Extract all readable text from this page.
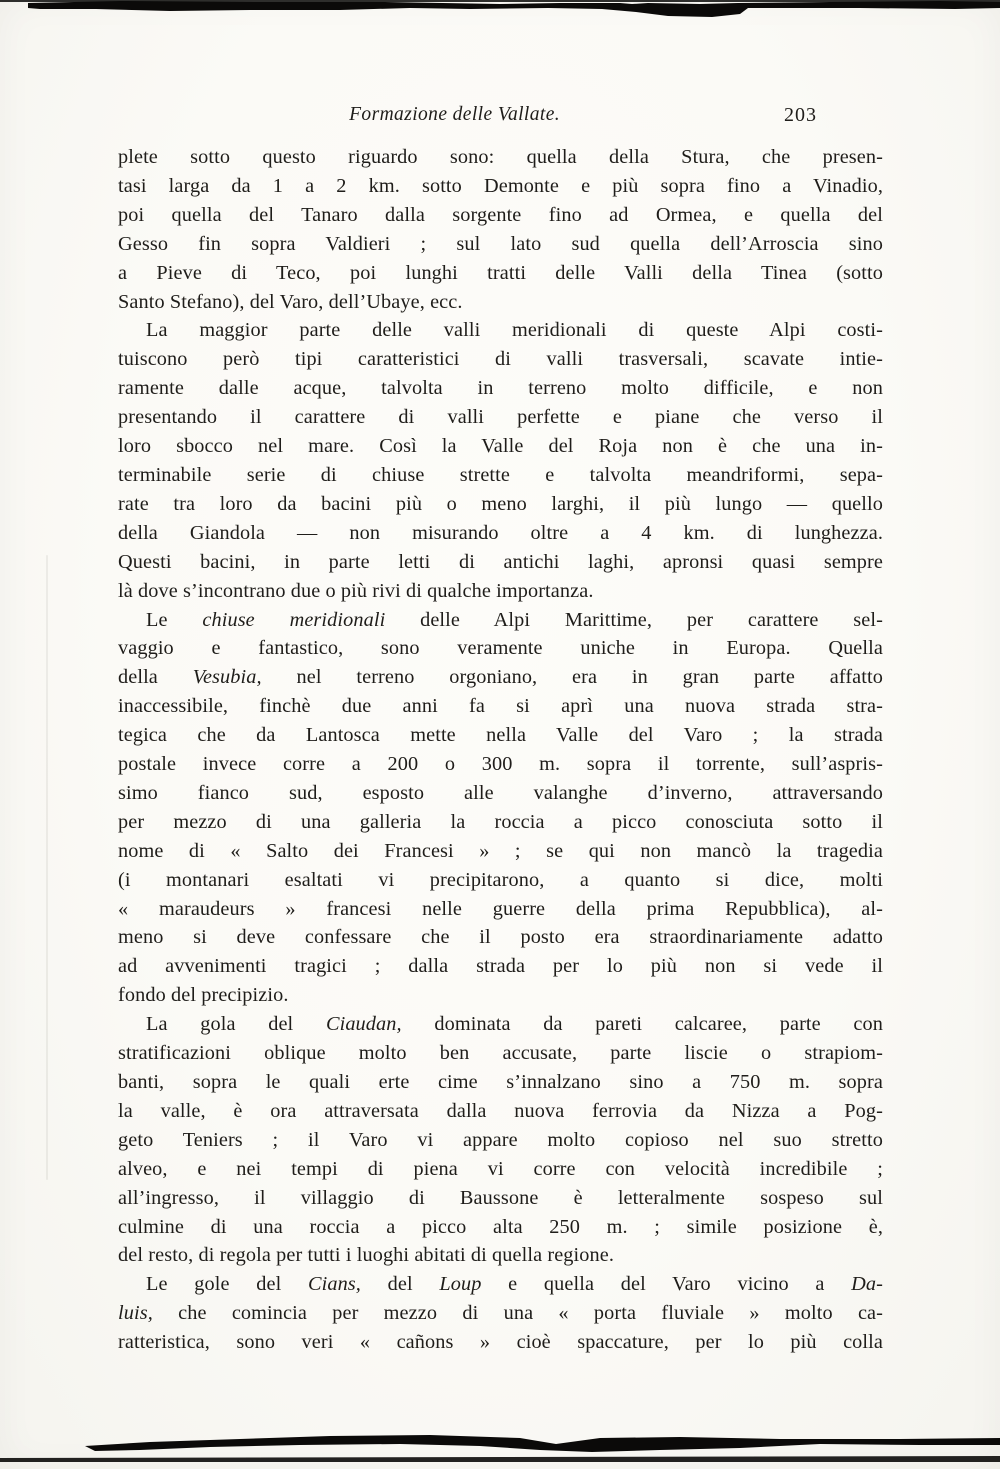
Formazione delle Vallate.	203
plete sotto questo riguardo sono: quella della Stura, che presen-
tasi larga da 1 a 2 km. sotto Demonte e più sopra fino a Vinadio,
poi quella del Tanaro dalla sorgente fino ad Ormea, e quella del
Gesso fin sopra Valdieri ; sul lato sud quella dell’Arroscia sino
a Pieve di Teco, poi lunghi tratti delle Valli della Tinea (sotto
Santo Stefano), del Varo, dell’Ubaye, ecc.
La maggior parte delle valli meridionali di queste Alpi costi-
tuiscono però tipi caratteristici di valli trasversali, scavate intie-
ramente dalle acque, talvolta in terreno molto difficile, e non
presentando il carattere di valli perfette e piane che verso il
loro sbocco nel mare. Così la Valle del Roja non è che una in-
terminabile serie di chiuse strette e talvolta meandriformi, sepa-
rate tra loro da bacini più o meno larghi, il più lungo — quello
della Giandola — non misurando oltre a 4 km. di lunghezza.
Questi bacini, in parte letti di antichi laghi, apronsi quasi sempre
là dove s’incontrano due o più rivi di qualche importanza.
Le chiuse meridionali delle Alpi Marittime, per carattere sel-
vaggio e fantastico, sono veramente uniche in Europa. Quella
della Vesubia, nel terreno orgoniano, era in gran parte affatto
inaccessibile, finchè due anni fa si aprì una nuova strada stra-
tegica che da Lantosca mette nella Valle del Varo ; la strada
postale invece corre a 200 o 300 m. sopra il torrente, sull’aspris-
simo fianco sud, esposto alle valanghe d’inverno, attraversando
per mezzo di una galleria la roccia a picco conosciuta sotto il
nome di « Salto dei Francesi » ; se qui non mancò la tragedia
(i montanari esaltati vi precipitarono, a quanto si dice, molti
« maraudeurs » francesi nelle guerre della prima Repubblica), al-
meno si deve confessare che il posto era straordinariamente adatto
ad avvenimenti tragici ; dalla strada per lo più non si vede il
fondo del precipizio.
La gola del Ciaudan, dominata da pareti calcaree, parte con
stratificazioni oblique molto ben accusate, parte liscie o strapiom-
banti, sopra le quali erte cime s’innalzano sino a 750 m. sopra
la valle, è ora attraversata dalla nuova ferrovia da Nizza a Pog-
geto Teniers ; il Varo vi appare molto copioso nel suo stretto
alveo, e nei tempi di piena vi corre con velocità incredibile ;
all’ingresso, il villaggio di Baussone è letteralmente sospeso sul
culmine di una roccia a picco alta 250 m. ; simile posizione è,
del resto, di regola per tutti i luoghi abitati di quella regione.
Le gole del Cians, del Loup e quella del Varo vicino a Da-
luis, che comincia per mezzo di una « porta fluviale » molto ca-
ratteristica, sono veri « cañons » cioè spaccature, per lo più colla
